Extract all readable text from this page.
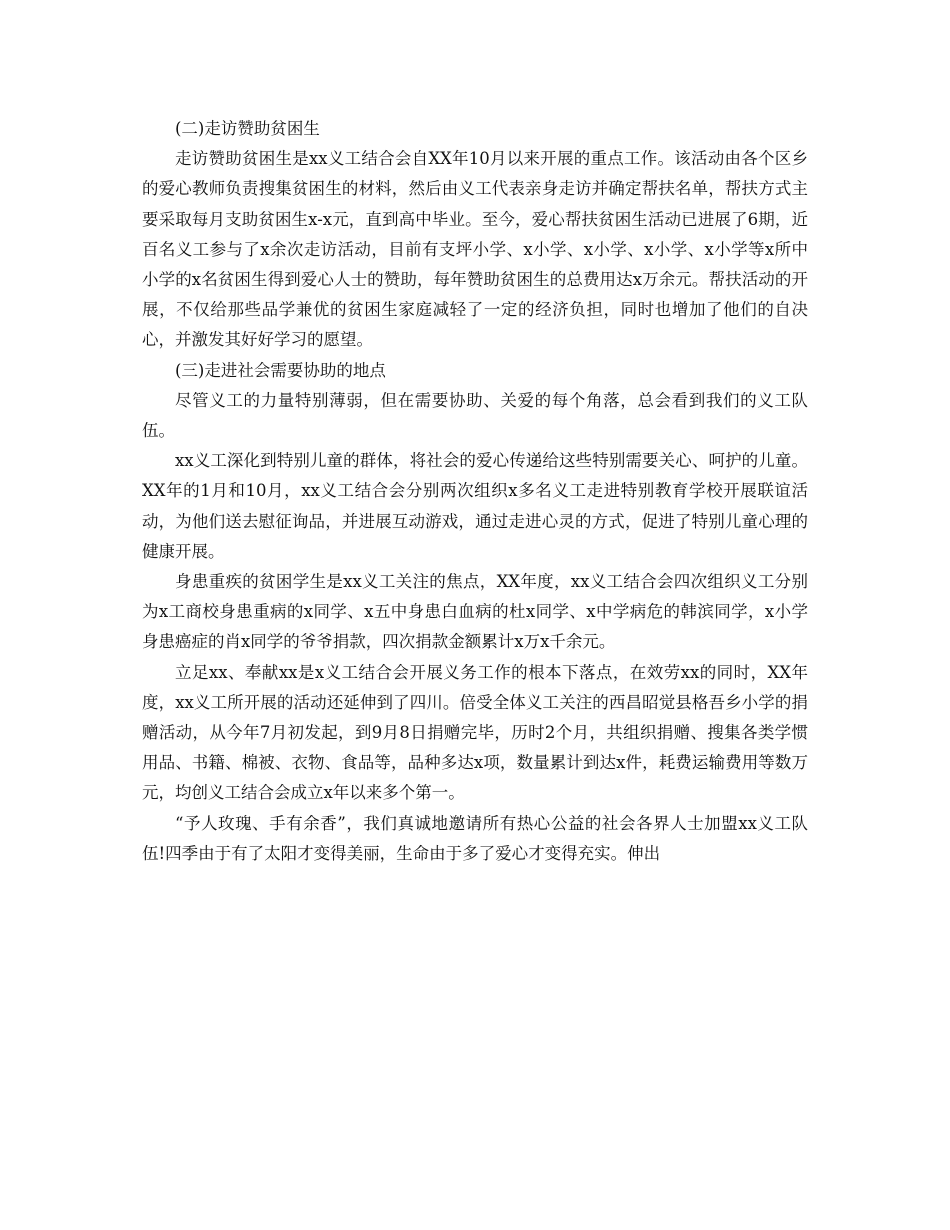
(二)走访赞助贫困生

走访赞助贫困生是xx义工结合会自XX年10月以来开展的重点工作。该活动由各个区乡的爱心教师负责搜集贫困生的材料，然后由义工代表亲身走访并确定帮扶名单，帮扶方式主要采取每月支助贫困生x-x元，直到高中毕业。至今，爱心帮扶贫困生活动已进展了6期，近百名义工参与了x余次走访活动，目前有支坪小学、x小学、x小学、x小学、x小学等x所中小学的x名贫困生得到爱心人士的赞助，每年赞助贫困生的总费用达x万余元。帮扶活动的开展，不仅给那些品学兼优的贫困生家庭减轻了一定的经济负担，同时也增加了他们的自决心，并激发其好好学习的愿望。

(三)走进社会需要协助的地点

尽管义工的力量特别薄弱，但在需要协助、关爱的每个角落，总会看到我们的义工队伍。

xx义工深化到特别儿童的群体，将社会的爱心传递给这些特别需要关心、呵护的儿童。XX年的1月和10月，xx义工结合会分别两次组织x多名义工走进特别教育学校开展联谊活动，为他们送去慰征询品，并进展互动游戏，通过走进心灵的方式，促进了特别儿童心理的健康开展。

身患重疾的贫困学生是xx义工关注的焦点，XX年度，xx义工结合会四次组织义工分别为x工商校身患重病的x同学、x五中身患白血病的杜x同学、x中学病危的韩滨同学，x小学身患癌症的肖x同学的爷爷捐款，四次捐款金额累计x万x千余元。

立足xx、奉献xx是x义工结合会开展义务工作的根本下落点，在效劳xx的同时，XX年度，xx义工所开展的活动还延伸到了四川。倍受全体义工关注的西昌昭觉县格吾乡小学的捐赠活动，从今年7月初发起，到9月8日捐赠完毕，历时2个月，共组织捐赠、搜集各类学惯用品、书籍、棉被、衣物、食品等，品种多达x项，数量累计到达x件，耗费运输费用等数万元，均创义工结合会成立x年以来多个第一。

“予人玫瑰、手有余香”，我们真诚地邀请所有热心公益的社会各界人士加盟xx义工队伍!四季由于有了太阳才变得美丽，生命由于多了爱心才变得充实。伸出
